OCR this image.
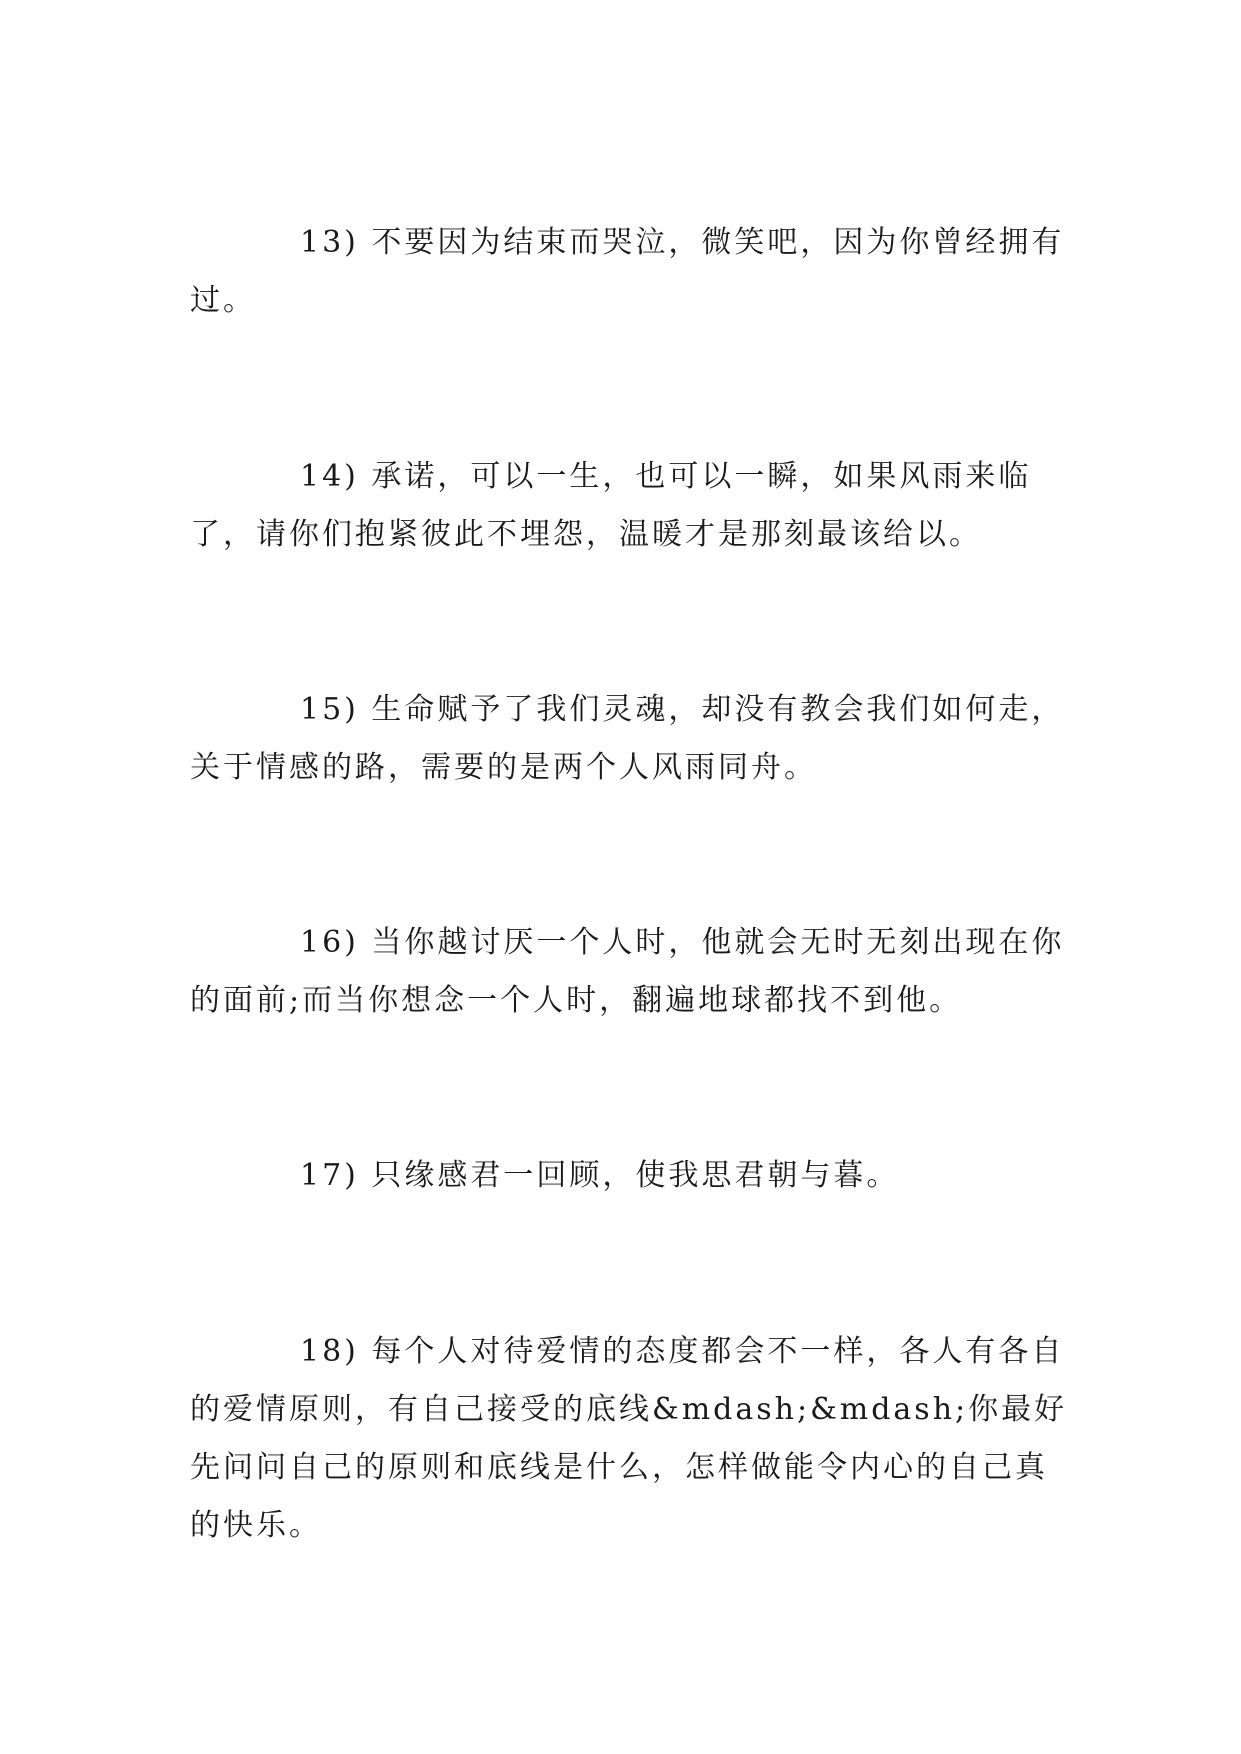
13) 不要因为结束而哭泣，微笑吧，因为你曾经拥有过。

14) 承诺，可以一生，也可以一瞬，如果风雨来临了，请你们抱紧彼此不埋怨，温暖才是那刻最该给以。

15) 生命赋予了我们灵魂，却没有教会我们如何走，关于情感的路，需要的是两个人风雨同舟。

16) 当你越讨厌一个人时，他就会无时无刻出现在你的面前;而当你想念一个人时，翻遍地球都找不到他。

17) 只缘感君一回顾，使我思君朝与暮。

18) 每个人对待爱情的态度都会不一样，各人有各自的爱情原则，有自己接受的底线&mdash;&mdash;你最好先问问自己的原则和底线是什么，怎样做能令内心的自己真的快乐。
